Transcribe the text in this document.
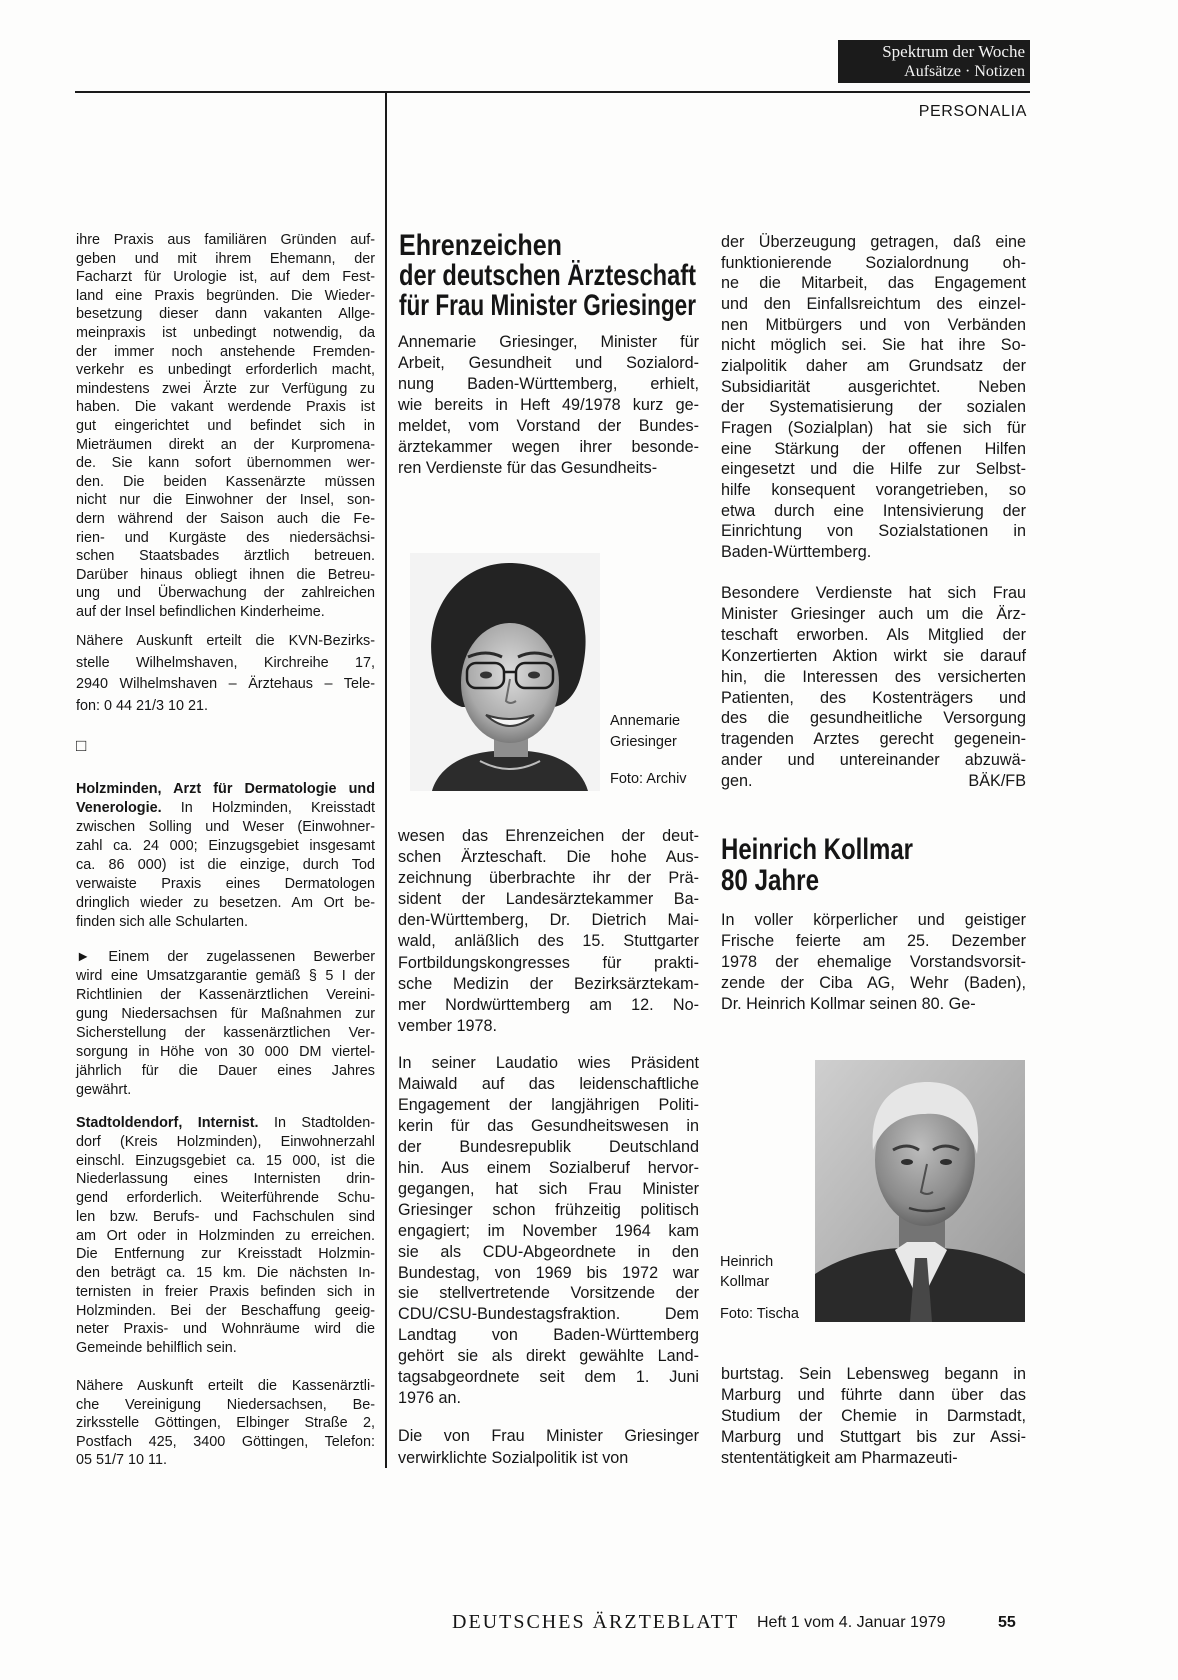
Spektrum der Woche
Aufsätze · Notizen
PERSONALIA
ihre Praxis aus familiären Gründen auf-
geben und mit ihrem Ehemann, der
Facharzt für Urologie ist, auf dem Fest-
land eine Praxis begründen. Die Wieder-
besetzung dieser dann vakanten Allge-
meinpraxis ist unbedingt notwendig, da
der immer noch anstehende Fremden-
verkehr es unbedingt erforderlich macht,
mindestens zwei Ärzte zur Verfügung zu
haben. Die vakant werdende Praxis ist
gut eingerichtet und befindet sich in
Mieträumen direkt an der Kurpromena-
de. Sie kann sofort übernommen wer-
den. Die beiden Kassenärzte müssen
nicht nur die Einwohner der Insel, son-
dern während der Saison auch die Fe-
rien- und Kurgäste des niedersächsi-
schen Staatsbades ärztlich betreuen.
Darüber hinaus obliegt ihnen die Betreu-
ung und Überwachung der zahlreichen
auf der Insel befindlichen Kinderheime.
Nähere Auskunft erteilt die KVN-Bezirks-
stelle Wilhelmshaven, Kirchreihe 17,
2940 Wilhelmshaven – Ärztehaus – Tele-
fon: 0 44 21/3 10 21.
□
Holzminden, Arzt für Dermatologie und
Venerologie. In Holzminden, Kreisstadt
zwischen Solling und Weser (Einwohner-
zahl ca. 24 000; Einzugsgebiet insgesamt
ca. 86 000) ist die einzige, durch Tod
verwaiste Praxis eines Dermatologen
dringlich wieder zu besetzen. Am Ort be-
finden sich alle Schularten.
► Einem der zugelassenen Bewerber
wird eine Umsatzgarantie gemäß § 5 I der
Richtlinien der Kassenärztlichen Vereini-
gung Niedersachsen für Maßnahmen zur
Sicherstellung der kassenärztlichen Ver-
sorgung in Höhe von 30 000 DM viertel-
jährlich für die Dauer eines Jahres
gewährt.
Stadtoldendorf, Internist. In Stadtolden-
dorf (Kreis Holzminden), Einwohnerzahl
einschl. Einzugsgebiet ca. 15 000, ist die
Niederlassung eines Internisten drin-
gend erforderlich. Weiterführende Schu-
len bzw. Berufs- und Fachschulen sind
am Ort oder in Holzminden zu erreichen.
Die Entfernung zur Kreisstadt Holzmin-
den beträgt ca. 15 km. Die nächsten In-
ternisten in freier Praxis befinden sich in
Holzminden. Bei der Beschaffung geeig-
neter Praxis- und Wohnräume wird die
Gemeinde behilflich sein.
Nähere Auskunft erteilt die Kassenärztli-
che Vereinigung Niedersachsen, Be-
zirksstelle Göttingen, Elbinger Straße 2,
Postfach 425, 3400 Göttingen, Telefon:
05 51/7 10 11.
Ehrenzeichen
der deutschen Ärzteschaft
für Frau Minister Griesinger
Annemarie Griesinger, Minister für
Arbeit, Gesundheit und Sozialord-
nung Baden-Württemberg, erhielt,
wie bereits in Heft 49/1978 kurz ge-
meldet, vom Vorstand der Bundes-
ärztekammer wegen ihrer besonde-
ren Verdienste für das Gesundheits-
Annemarie
Griesinger
Foto: Archiv
wesen das Ehrenzeichen der deut-
schen Ärzteschaft. Die hohe Aus-
zeichnung überbrachte ihr der Prä-
sident der Landesärztekammer Ba-
den-Württemberg, Dr. Dietrich Mai-
wald, anläßlich des 15. Stuttgarter
Fortbildungskongresses für prakti-
sche Medizin der Bezirksärztekam-
mer Nordwürttemberg am 12. No-
vember 1978.
In seiner Laudatio wies Präsident
Maiwald auf das leidenschaftliche
Engagement der langjährigen Politi-
kerin für das Gesundheitswesen in
der Bundesrepublik Deutschland
hin. Aus einem Sozialberuf hervor-
gegangen, hat sich Frau Minister
Griesinger schon frühzeitig politisch
engagiert; im November 1964 kam
sie als CDU-Abgeordnete in den
Bundestag, von 1969 bis 1972 war
sie stellvertretende Vorsitzende der
CDU/CSU-Bundestagsfraktion. Dem
Landtag von Baden-Württemberg
gehört sie als direkt gewählte Land-
tagsabgeordnete seit dem 1. Juni
1976 an.
Die von Frau Minister Griesinger
verwirklichte Sozialpolitik ist von
der Überzeugung getragen, daß eine
funktionierende Sozialordnung oh-
ne die Mitarbeit, das Engagement
und den Einfallsreichtum des einzel-
nen Mitbürgers und von Verbänden
nicht möglich sei. Sie hat ihre So-
zialpolitik daher am Grundsatz der
Subsidiarität ausgerichtet. Neben
der Systematisierung der sozialen
Fragen (Sozialplan) hat sie sich für
eine Stärkung der offenen Hilfen
eingesetzt und die Hilfe zur Selbst-
hilfe konsequent vorangetrieben, so
etwa durch eine Intensivierung der
Einrichtung von Sozialstationen in
Baden-Württemberg.
Besondere Verdienste hat sich Frau
Minister Griesinger auch um die Ärz-
teschaft erworben. Als Mitglied der
Konzertierten Aktion wirkt sie darauf
hin, die Interessen des versicherten
Patienten, des Kostenträgers und
des die gesundheitliche Versorgung
tragenden Arztes gerecht gegenein-
ander und untereinander abzuwä-
BÄK/FB
gen.
Heinrich Kollmar
80 Jahre
In voller körperlicher und geistiger
Frische feierte am 25. Dezember
1978 der ehemalige Vorstandsvorsit-
zende der Ciba AG, Wehr (Baden),
Dr. Heinrich Kollmar seinen 80. Ge-
Heinrich
Kollmar
Foto: Tischa
burtstag. Sein Lebensweg begann in
Marburg und führte dann über das
Studium der Chemie in Darmstadt,
Marburg und Stuttgart bis zur Assi-
stententätigkeit am Pharmazeuti-
DEUTSCHES ÄRZTEBLATT Heft 1 vom 4. Januar 1979	55
